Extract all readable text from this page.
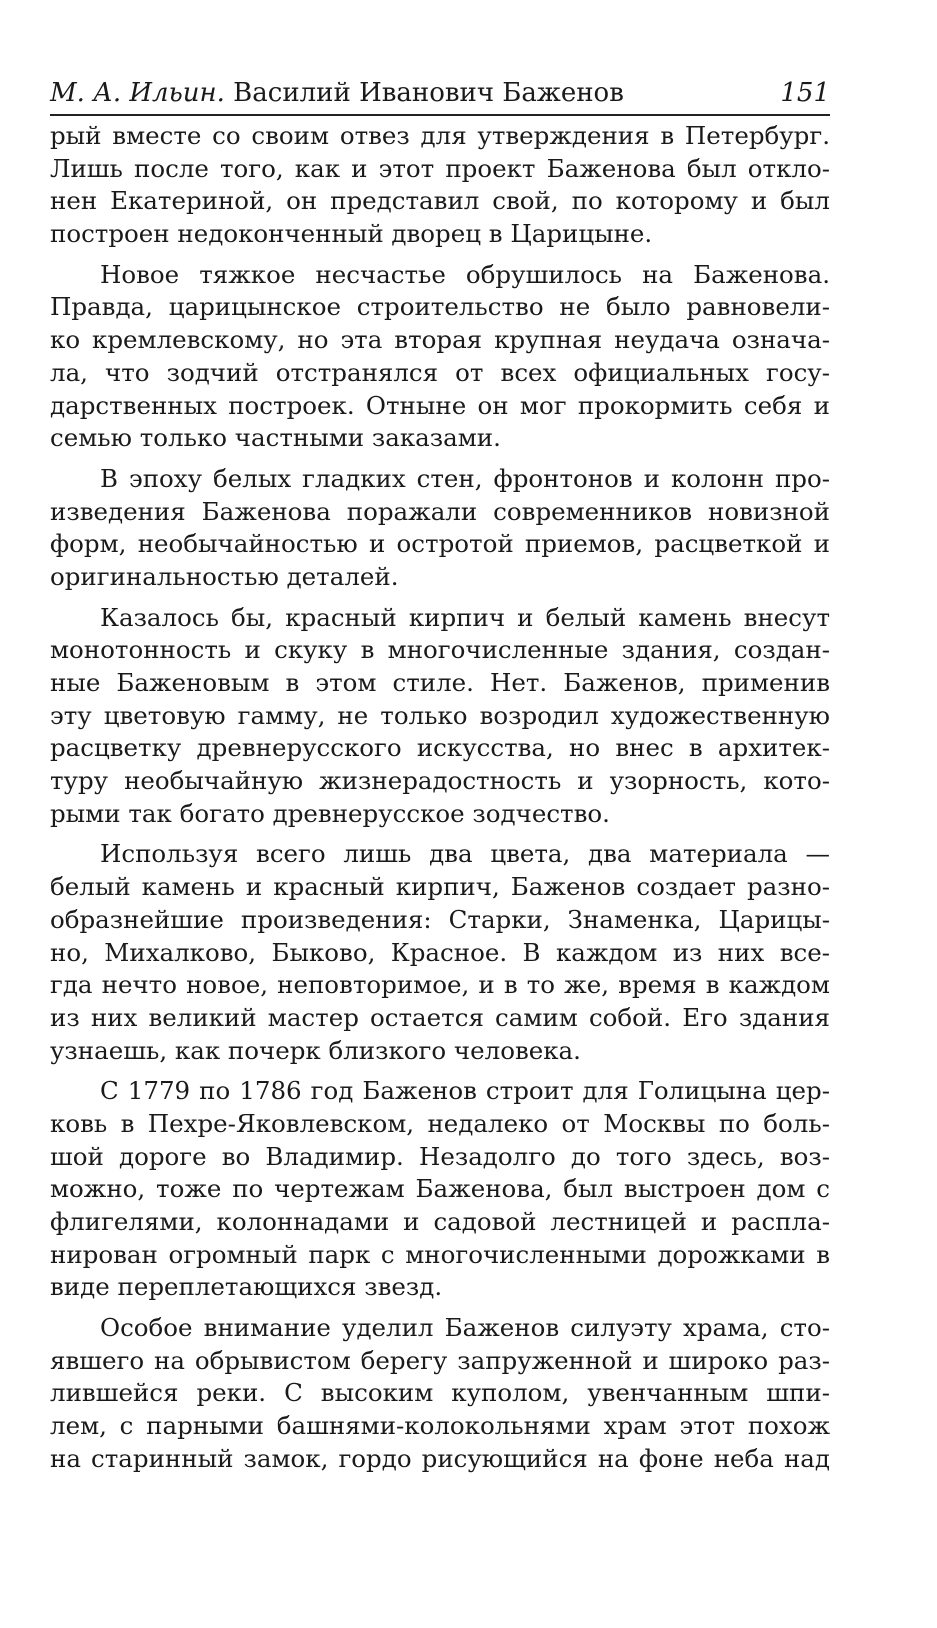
М. А. Ильин. Василий Иванович Баженов	151
рый вместе со своим отвез для утверждения в Петербург.
Лишь после того, как и этот проект Баженова был откло-
нен Екатериной, он представил свой, по которому и был
построен недоконченный дворец в Царицыне.
Новое тяжкое несчастье обрушилось на Баженова.
Правда, царицынское строительство не было равновели-
ко кремлевскому, но эта вторая крупная неудача означа-
ла, что зодчий отстранялся от всех официальных госу-
дарственных построек. Отныне он мог прокормить себя и
семью только частными заказами.
В эпоху белых гладких стен, фронтонов и колонн про-
изведения Баженова поражали современников новизной
форм, необычайностью и остротой приемов, расцветкой и
оригинальностью деталей.
Казалось бы, красный кирпич и белый камень внесут
монотонность и скуку в многочисленные здания, создан-
ные Баженовым в этом стиле. Нет. Баженов, применив
эту цветовую гамму, не только возродил художественную
расцветку древнерусского искусства, но внес в архитек-
туру необычайную жизнерадостность и узорность, кото-
рыми так богато древнерусское зодчество.
Используя всего лишь два цвета, два материала —
белый камень и красный кирпич, Баженов создает разно-
образнейшие произведения: Старки, Знаменка, Царицы-
но, Михалково, Быково, Красное. В каждом из них все-
гда нечто новое, неповторимое, и в то же, время в каждом
из них великий мастер остается самим собой. Его здания
узнаешь, как почерк близкого человека.
С 1779 по 1786 год Баженов строит для Голицына цер-
ковь в Пехре-Яковлевском, недалеко от Москвы по боль-
шой дороге во Владимир. Незадолго до того здесь, воз-
можно, тоже по чертежам Баженова, был выстроен дом с
флигелями, колоннадами и садовой лестницей и распла-
нирован огромный парк с многочисленными дорожками в
виде переплетающихся звезд.
Особое внимание уделил Баженов силуэту храма, сто-
явшего на обрывистом берегу запруженной и широко раз-
лившейся реки. С высоким куполом, увенчанным шпи-
лем, с парными башнями-колокольнями храм этот похож
на старинный замок, гордо рисующийся на фоне неба над
